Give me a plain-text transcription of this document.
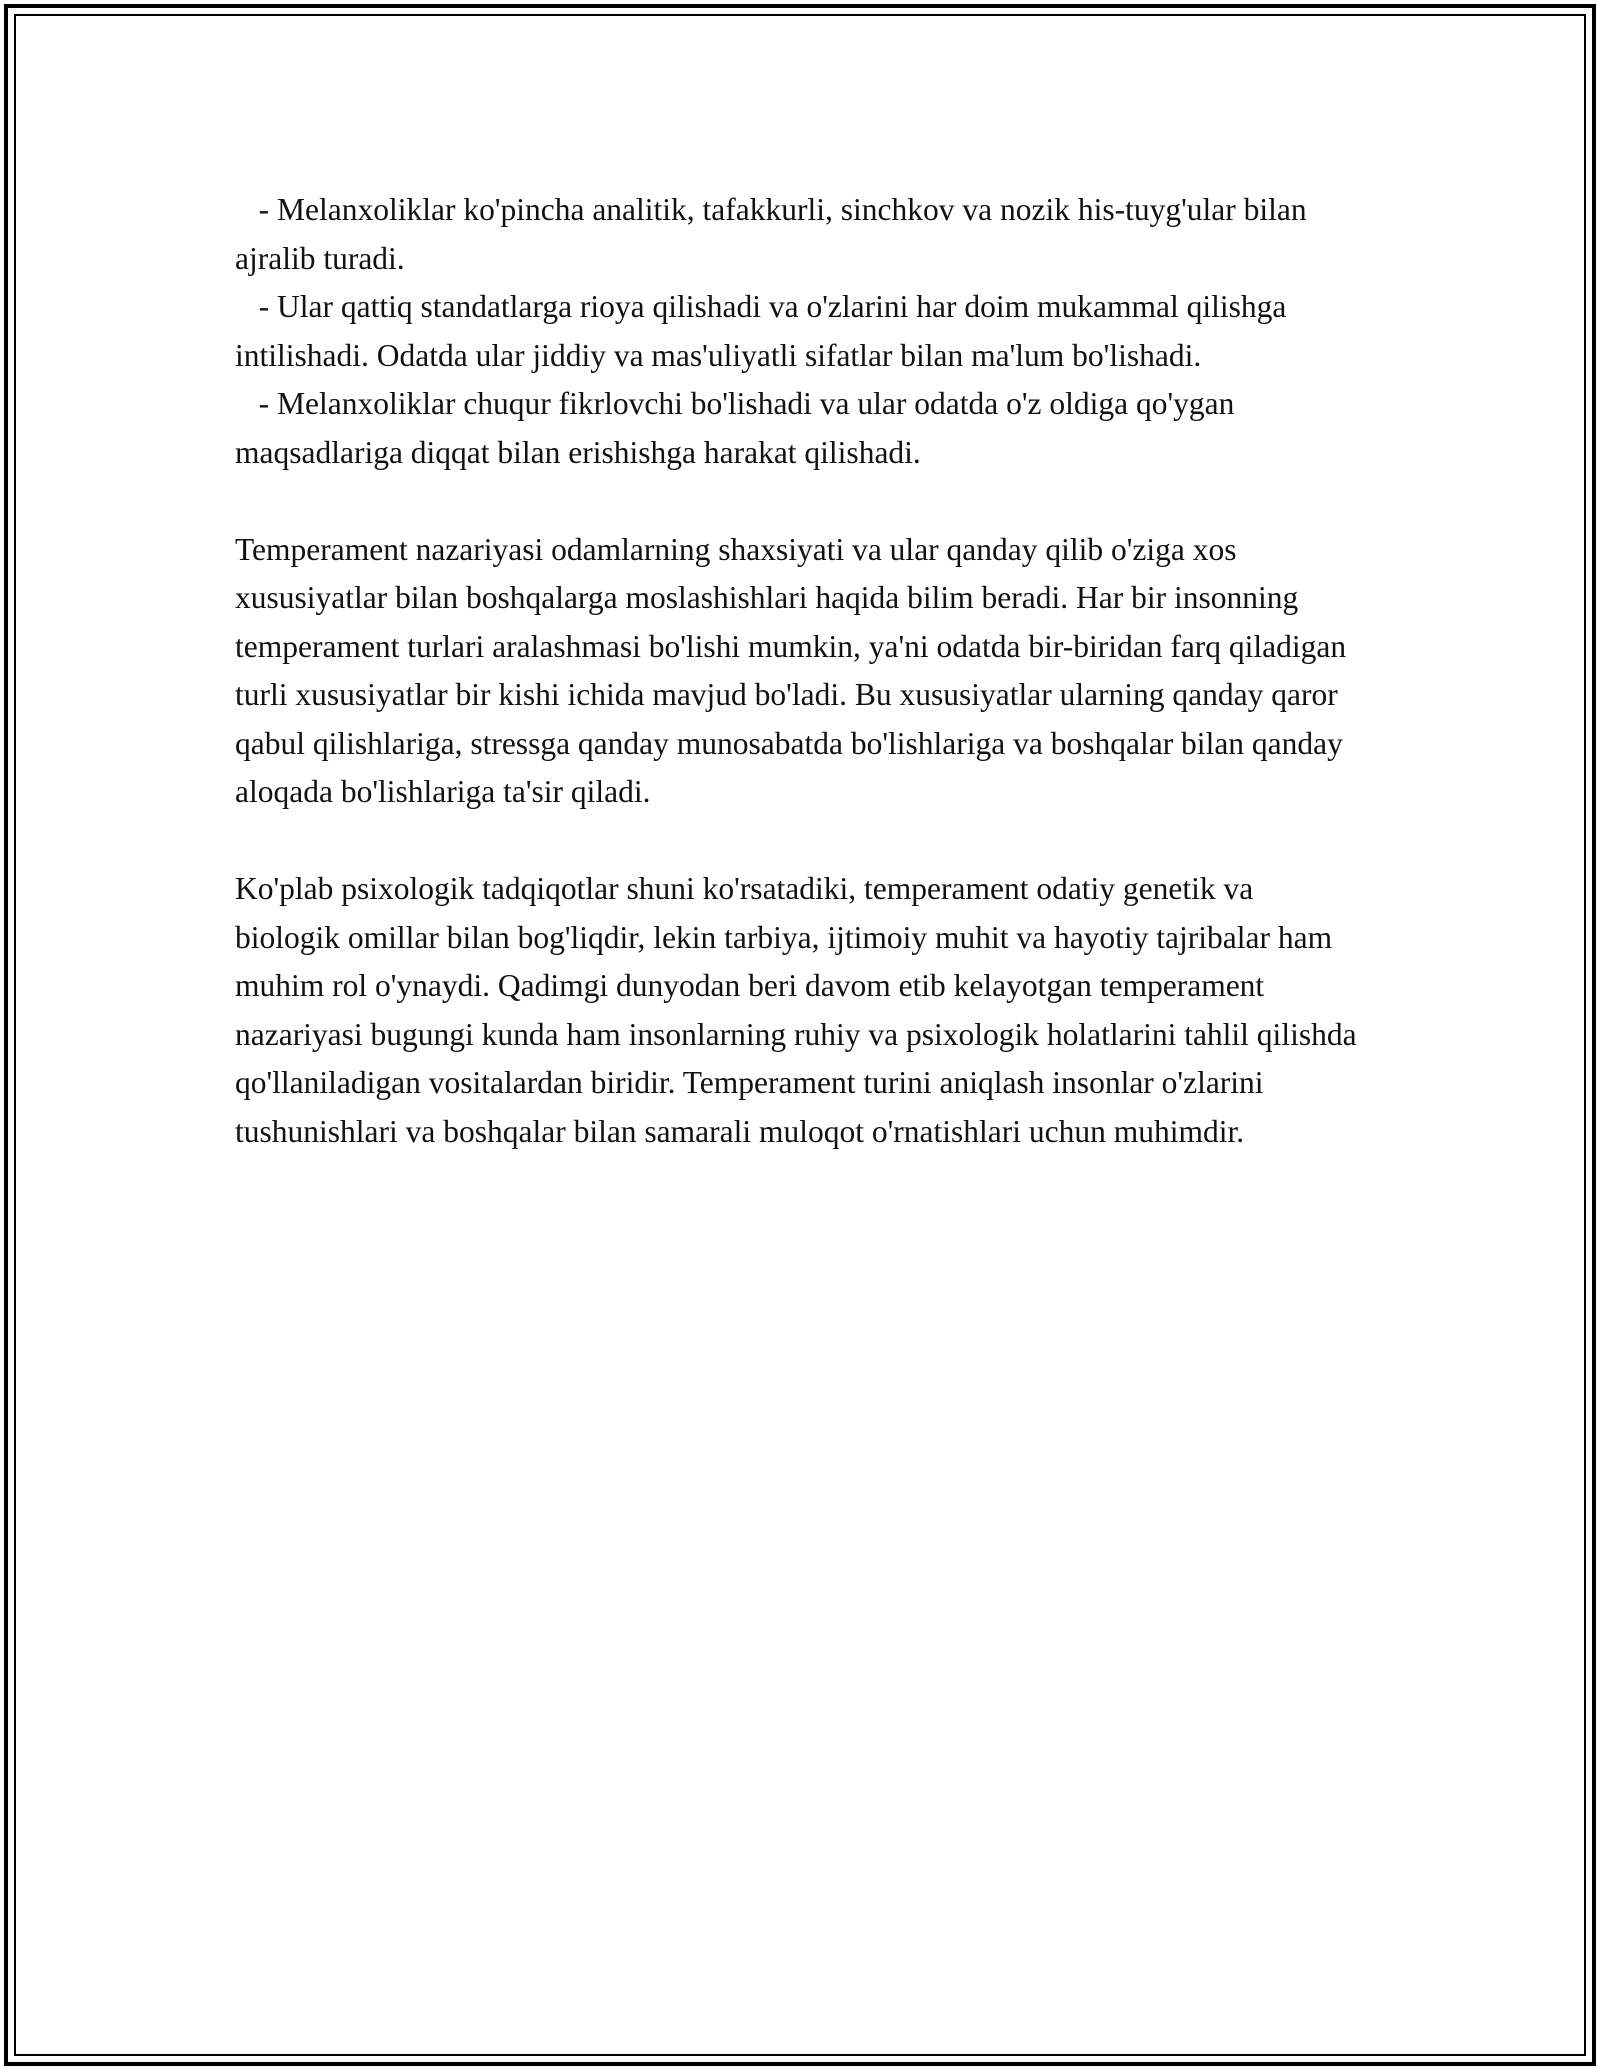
- Melanxoliklar ko'pincha analitik, tafakkurli, sinchkov va nozik his-tuyg'ular bilan ajralib turadi.

- Ular qattiq standatlarga rioya qilishadi va o'zlarini har doim mukammal qilishga intilishadi. Odatda ular jiddiy va mas'uliyatli sifatlar bilan ma'lum bo'lishadi.

- Melanxoliklar chuqur fikrlovchi bo'lishadi va ular odatda o'z oldiga qo'ygan maqsadlariga diqqat bilan erishishga harakat qilishadi.

Temperament nazariyasi odamlarning shaxsiyati va ular qanday qilib o'ziga xos xususiyatlar bilan boshqalarga moslashishlari haqida bilim beradi. Har bir insonning temperament turlari aralashmasi bo'lishi mumkin, ya'ni odatda bir-biridan farq qiladigan turli xususiyatlar bir kishi ichida mavjud bo'ladi. Bu xususiyatlar ularning qanday qaror qabul qilishlariga, stressga qanday munosabatda bo'lishlariga va boshqalar bilan qanday aloqada bo'lishlariga ta'sir qiladi.

Ko'plab psixologik tadqiqotlar shuni ko'rsatadiki, temperament odatiy genetik va biologik omillar bilan bog'liqdir, lekin tarbiya, ijtimoiy muhit va hayotiy tajribalar ham muhim rol o'ynaydi. Qadimgi dunyodan beri davom etib kelayotgan temperament nazariyasi bugungi kunda ham insonlarning ruhiy va psixologik holatlarini tahlil qilishda qo'llaniladigan vositalardan biridir. Temperament turini aniqlash insonlar o'zlarini tushunishlari va boshqalar bilan samarali muloqot o'rnatishlari uchun muhimdir.
